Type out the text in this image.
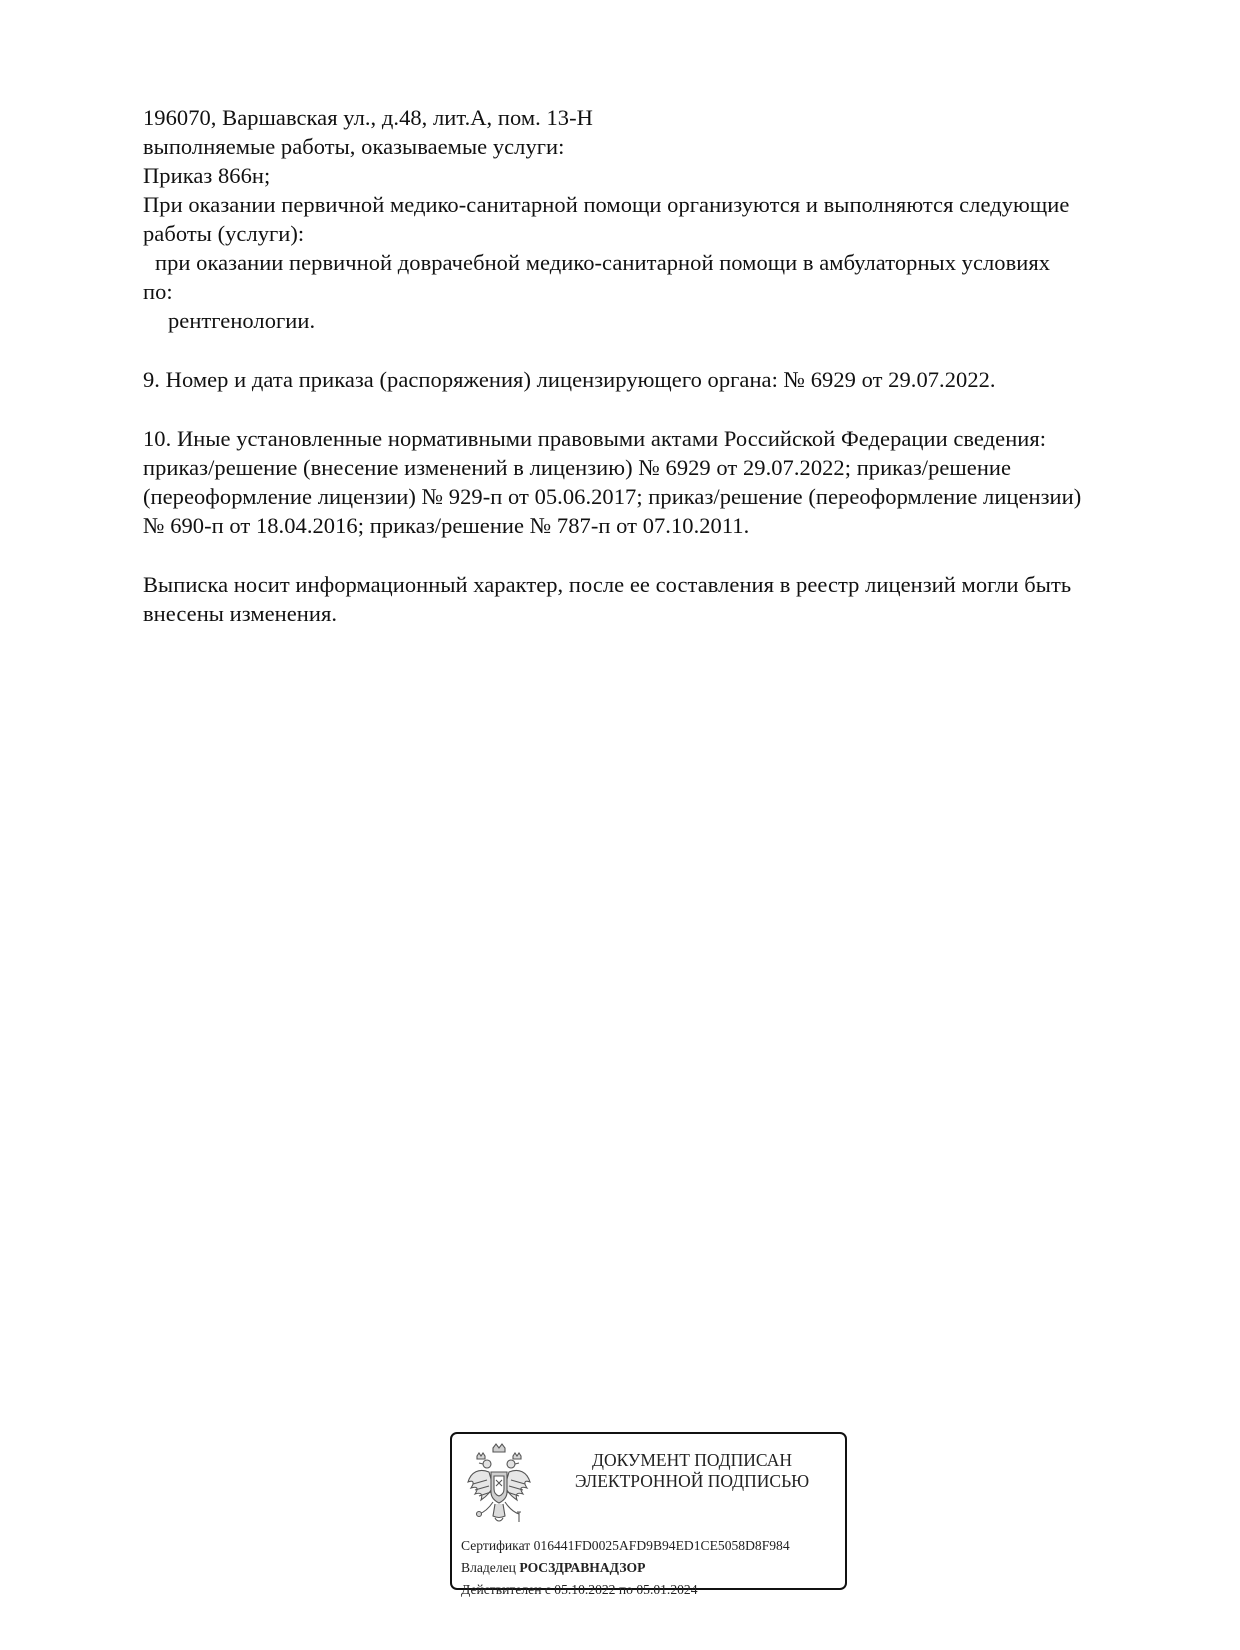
196070, Варшавская ул., д.48, лит.А, пом. 13-Н
выполняемые работы, оказываемые услуги:
Приказ 866н;
При оказании первичной медико-санитарной помощи организуются и выполняются следующие
работы (услуги):
при оказании первичной доврачебной медико-санитарной помощи в амбулаторных условиях
по:
рентгенологии.
9. Номер и дата приказа (распоряжения) лицензирующего органа: № 6929 от 29.07.2022.
10. Иные установленные нормативными правовыми актами Российской Федерации сведения:
приказ/решение (внесение изменений в лицензию) № 6929 от 29.07.2022; приказ/решение
(переоформление лицензии) № 929-п от 05.06.2017; приказ/решение (переоформление лицензии)
№ 690-п от 18.04.2016; приказ/решение № 787-п от 07.10.2011.
Выписка носит информационный характер, после ее составления в реестр лицензий могли быть
внесены изменения.
ДОКУМЕНТ ПОДПИСАН
ЭЛЕКТРОННОЙ ПОДПИСЬЮ
Сертификат 016441FD0025AFD9B94ED1CE5058D8F984
Владелец РОСЗДРАВНАДЗОР
Действителен с 05.10.2022 по 05.01.2024
